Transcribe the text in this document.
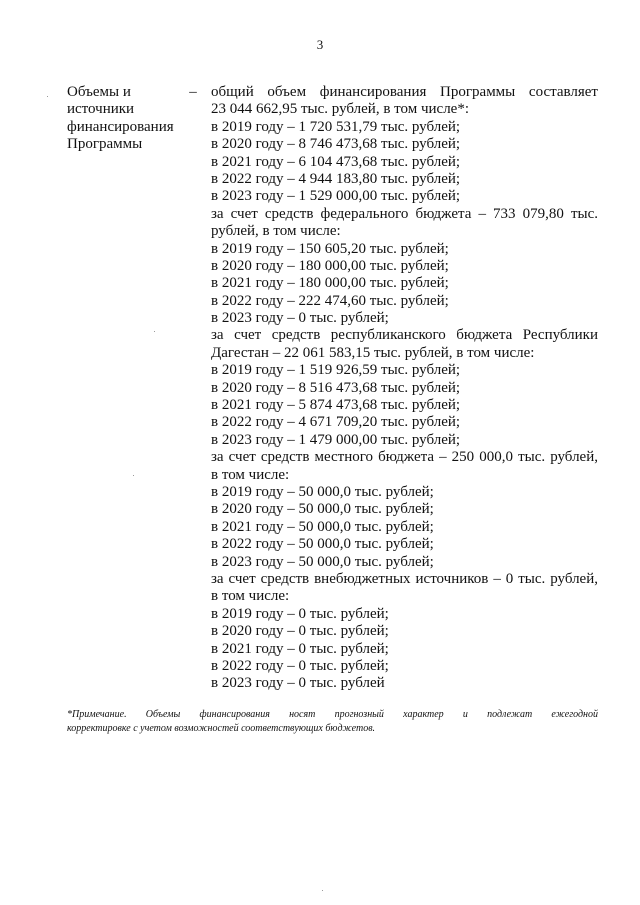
3
Объемы и
источники
финансирования
Программы
– общий объем финансирования Программы составляет
23 044 662,95 тыс. рублей, в том числе*:
в 2019 году – 1 720 531,79 тыс. рублей;
в 2020 году – 8 746 473,68 тыс. рублей;
в 2021 году – 6 104 473,68 тыс. рублей;
в 2022 году – 4 944 183,80 тыс. рублей;
в 2023 году – 1 529 000,00 тыс. рублей;
за счет средств федерального бюджета – 733 079,80 тыс.
рублей, в том числе:
в 2019 году – 150 605,20 тыс. рублей;
в 2020 году – 180 000,00 тыс. рублей;
в 2021 году – 180 000,00 тыс. рублей;
в 2022 году – 222 474,60 тыс. рублей;
в 2023 году – 0 тыс. рублей;
за счет средств республиканского бюджета Республики
Дагестан – 22 061 583,15 тыс. рублей, в том числе:
в 2019 году – 1 519 926,59 тыс. рублей;
в 2020 году – 8 516 473,68 тыс. рублей;
в 2021 году – 5 874 473,68 тыс. рублей;
в 2022 году – 4 671 709,20 тыс. рублей;
в 2023 году – 1 479 000,00 тыс. рублей;
за счет средств местного бюджета – 250 000,0 тыс. рублей,
в том числе:
в 2019 году – 50 000,0 тыс. рублей;
в 2020 году – 50 000,0 тыс. рублей;
в 2021 году – 50 000,0 тыс. рублей;
в 2022 году – 50 000,0 тыс. рублей;
в 2023 году – 50 000,0 тыс. рублей;
за счет средств внебюджетных источников – 0 тыс. рублей,
в том числе:
в 2019 году – 0 тыс. рублей;
в 2020 году – 0 тыс. рублей;
в 2021 году – 0 тыс. рублей;
в 2022 году – 0 тыс. рублей;
в 2023 году – 0 тыс. рублей
*Примечание. Объемы финансирования носят прогнозный характер и подлежат ежегодной
корректировке с учетом возможностей соответствующих бюджетов.
